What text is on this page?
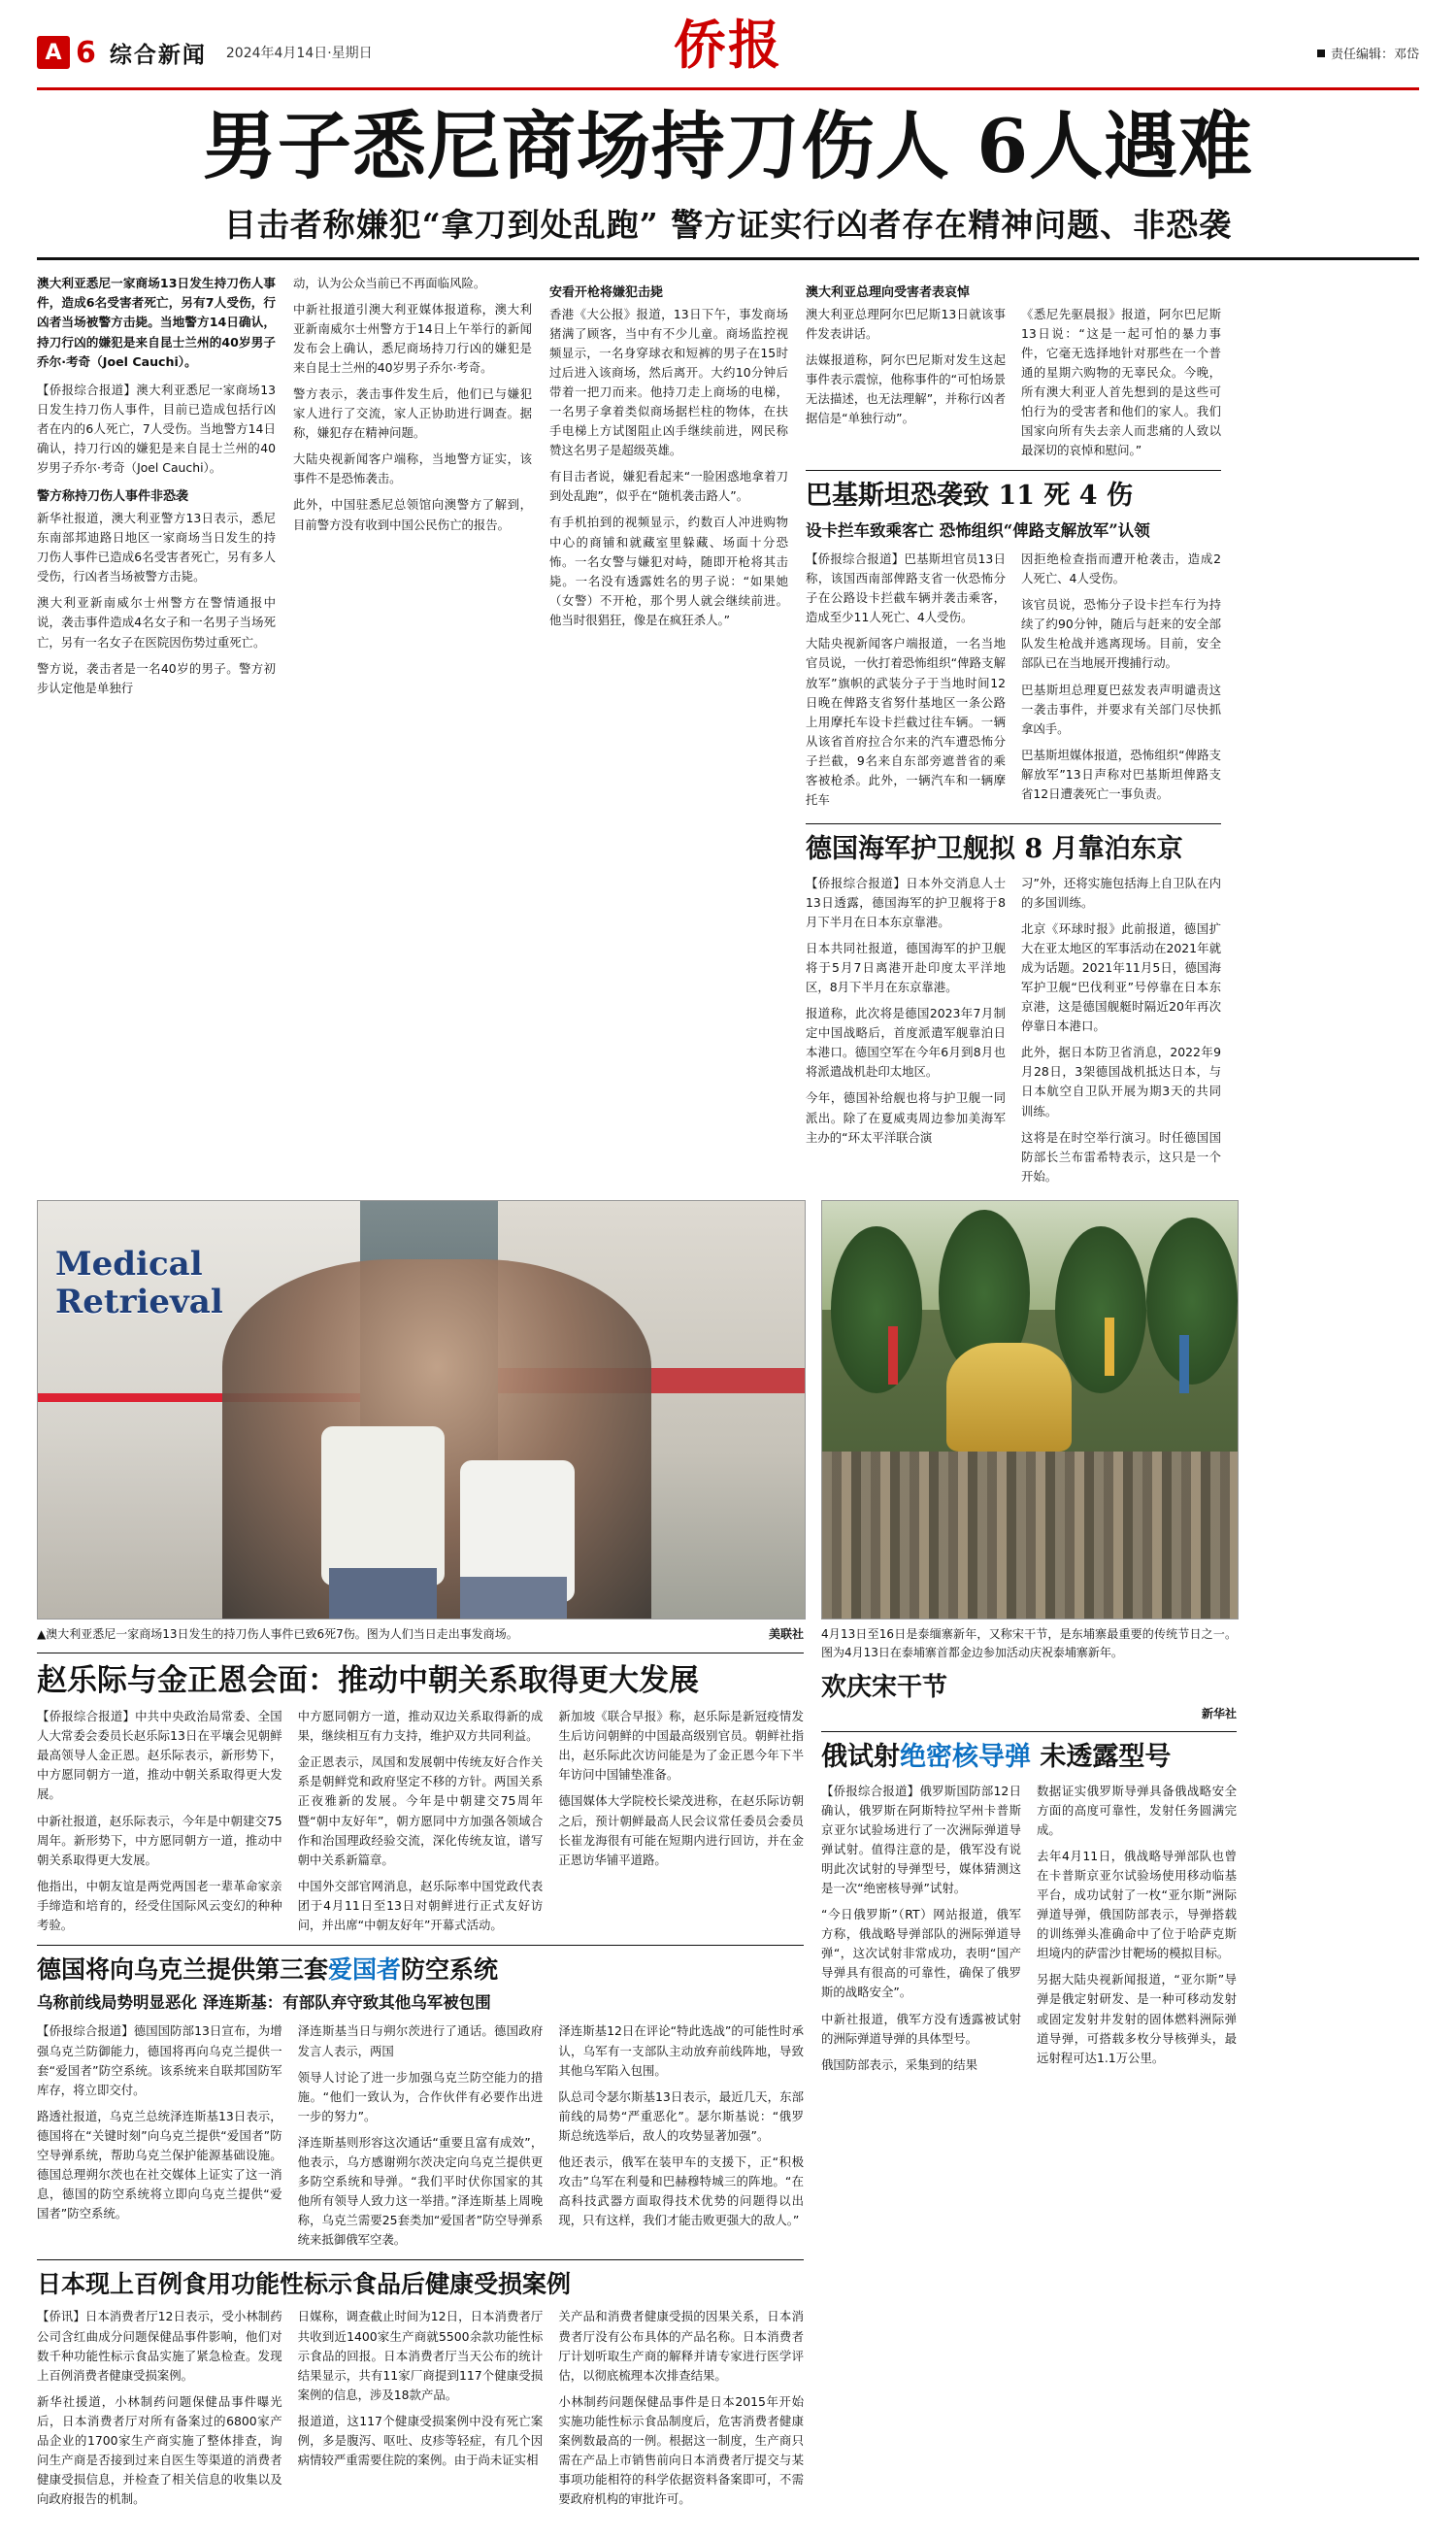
A 6 综合新闻 2024年4月14日·星期日	侨报	责任编辑：邓岱
男子悉尼商场持刀伤人 6人遇难
目击者称嫌犯“拿刀到处乱跑” 警方证实行凶者存在精神问题、非恐袭
澳大利亚悉尼一家商场13日发生持刀伤人事件，造成6名受害者死亡，另有7人受伤，行凶者当场被警方击毙。当地警方14日确认，持刀行凶的嫌犯是来自昆士兰州的40岁男子乔尔·考奇（Joel Cauchi）。

【侨报综合报道】澳大利亚悉尼一家商场13日发生持刀伤人事件，目前已造成包括行凶者在内的6人死亡，7人受伤。当地警方14日确认，持刀行凶的嫌犯是来自昆士兰州的40岁男子乔尔·考奇（Joel Cauchi）。

警方称持刀伤人事件非恐袭

新华社报道，澳大利亚警方13日表示，悉尼东南部邦迪路日地区一家商场当日发生的持刀伤人事件已造成6名受害者死亡，另有多人受伤，行凶者当场被警方击毙。

澳大利亚新南威尔士州警方在警情通报中说，袭击事件造成4名女子和一名男子当场死亡，另有一名女子在医院因伤势过重死亡。

警方说，袭击者是一名40岁的男子。警方初步认定他是单独行

动，认为公众当前已不再面临风险。

中新社报道引澳大利亚媒体报道称，澳大利亚新南威尔士州警方于14日上午举行的新闻发布会上确认，悉尼商场持刀行凶的嫌犯是来自昆士兰州的40岁男子乔尔·考奇。

警方表示，袭击事件发生后，他们已与嫌犯家人进行了交流，家人正协助进行调查。据称，嫌犯存在精神问题。

大陆央视新闻客户端称，当地警方证实，该事件不是恐怖袭击。

此外，中国驻悉尼总领馆向澳警方了解到，目前警方没有收到中国公民伤亡的报告。

安看开枪将嫌犯击毙

香港《大公报》报道，13日下午，事发商场猪满了顾客，当中有不少儿童。商场监控视频显示，一名身穿球衣和短裤的男子在15时过后进入该商场，然后离开。大约10分钟后带着一把刀而来。他持刀走上商场的电梯，一名男子拿着类似商场据栏柱的物体，在扶手电梯上方试图阻止凶手继续前进，网民称赞这名男子是超级英雄。

有目击者说，嫌犯看起来“一脸困惑地拿着刀到处乱跑”，似乎在“随机袭击路人”。

有手机拍到的视频显示，约数百人冲进购物中心的商铺和就藏室里躲藏、场面十分恐怖。一名女警与嫌犯对峙，随即开枪将其击毙。一名没有透露姓名的男子说：“如果她（女警）不开枪，那个男人就会继续前进。他当时很猖狂，像是在疯狂杀人。”

澳大利亚总理向受害者表哀悼

澳大利亚总理阿尔巴尼斯13日就该事件发表讲话。

法媒报道称，阿尔巴尼斯对发生这起事件表示震惊，他称事件的“可怕场景无法描述，也无法理解”，并称行凶者据信是“单独行动”。

《悉尼先驱晨报》报道，阿尔巴尼斯13日说：“这是一起可怕的暴力事件，它毫无选择地针对那些在一个普通的星期六购物的无辜民众。今晚，所有澳大利亚人首先想到的是这些可怕行为的受害者和他们的家人。我们国家向所有失去亲人而悲痛的人致以最深切的哀悼和慰问。”

巴基斯坦恐袭致 11 死 4 伤
设卡拦车致乘客亡 恐怖组织“俾路支解放军”认领

【侨报综合报道】巴基斯坦官员13日称，该国西南部俾路支省一伙恐怖分子在公路设卡拦截车辆并袭击乘客，造成至少11人死亡、4人受伤。

大陆央视新闻客户端报道，一名当地官员说，一伙打着恐怖组织“俾路支解放军”旗帜的武装分子于当地时间12日晚在俾路支省努什基地区一条公路上用摩托车设卡拦截过往车辆。一辆从该省首府拉合尔来的汽车遭恐怖分子拦截，9名来自东部旁遮普省的乘客被枪杀。此外，一辆汽车和一辆摩托车

因拒绝检查指而遭开枪袭击，造成2人死亡、4人受伤。

该官员说，恐怖分子设卡拦车行为持续了约90分钟，随后与赶来的安全部队发生枪战并逃离现场。目前，安全部队已在当地展开搜捕行动。

巴基斯坦总理夏巴兹发表声明谴责这一袭击事件，并要求有关部门尽快抓拿凶手。

巴基斯坦媒体报道，恐怖组织“俾路支解放军”13日声称对巴基斯坦俾路支省12日遭袭死亡一事负责。

德国海军护卫舰拟 8 月靠泊东京

【侨报综合报道】日本外交消息人士13日透露，德国海军的护卫舰将于8月下半月在日本东京靠港。

日本共同社报道，德国海军的护卫舰将于5月7日离港开赴印度太平洋地区，8月下半月在东京靠港。

报道称，此次将是德国2023年7月制定中国战略后，首度派遣军舰靠泊日本港口。德国空军在今年6月到8月也将派遣战机赴印太地区。

今年，德国补给舰也将与护卫舰一同派出。除了在夏威夷周边参加美海军主办的“环太平洋联合演

习”外，还将实施包括海上自卫队在内的多国训练。

北京《环球时报》此前报道，德国扩大在亚太地区的军事活动在2021年就成为话题。2021年11月5日，德国海军护卫舰“巴伐利亚”号停靠在日本东京港，这是德国舰艇时隔近20年再次停靠日本港口。

此外，据日本防卫省消息，2022年9月28日，3架德国战机抵达日本，与日本航空自卫队开展为期3天的共同训练。

这将是在时空举行演习。时任德国国防部长兰布雷希特表示，这只是一个开始。

Medical
Retrieval
▲澳大利亚悉尼一家商场13日发生的持刀伤人事件已致6死7伤。图为人们当日走出事发商场。	美联社
赵乐际与金正恩会面：推动中朝关系取得更大发展

【侨报综合报道】中共中央政治局常委、全国人大常委会委员长赵乐际13日在平壤会见朝鲜最高领导人金正恩。赵乐际表示，新形势下，中方愿同朝方一道，推动中朝关系取得更大发展。

中新社报道，赵乐际表示，今年是中朝建交75周年。新形势下，中方愿同朝方一道，推动中朝关系取得更大发展。

他指出，中朝友谊是两党两国老一辈革命家亲手缔造和培育的，经受住国际风云变幻的种种考验。

中方愿同朝方一道，推动双边关系取得新的成果，继续相互有力支持，维护双方共同利益。

金正恩表示，凤国和发展朝中传统友好合作关系是朝鲜党和政府坚定不移的方针。两国关系正夜雅新的发展。今年是中朝建交75周年暨“朝中友好年”，朝方愿同中方加强各领域合作和治国理政经验交流，深化传统友谊，谱写朝中关系新篇章。

中国外交部官网消息，赵乐际率中国党政代表团于4月11日至13日对朝鲜进行正式友好访问，并出席“中朝友好年”开幕式活动。

新加坡《联合早报》称，赵乐际是新冠疫情发生后访问朝鲜的中国最高级别官员。朝鲜社指出，赵乐际此次访问能是为了金正恩今年下半年访问中国铺垫准备。

德国媒体大学院校长梁茂进称，在赵乐际访朝之后，预计朝鲜最高人民会议常任委员会委员长崔龙海很有可能在短期内进行回访，并在金正恩访华铺平道路。

德国将向乌克兰提供第三套爱国者防空系统
乌称前线局势明显恶化 泽连斯基：有部队弃守致其他乌军被包围

【侨报综合报道】德国国防部13日宣布，为增强乌克兰防御能力，德国将再向乌克兰提供一套“爱国者”防空系统。该系统来自联邦国防军库存，将立即交付。

路透社报道，乌克兰总统泽连斯基13日表示，德国将在“关键时刻”向乌克兰提供“爱国者”防空导弹系统，帮助乌克兰保护能源基础设施。德国总理朔尔茨也在社交媒体上证实了这一消息，德国的防空系统将立即向乌克兰提供“爱国者”防空系统。

泽连斯基当日与朔尔茨进行了通话。德国政府发言人表示，两国

领导人讨论了进一步加强乌克兰防空能力的措施。“他们一致认为，合作伙伴有必要作出进一步的努力”。

泽连斯基则形容这次通话“重要且富有成效”，他表示，乌方感谢朔尔茨决定向乌克兰提供更多防空系统和导弹。“我们平时伏你国家的其他所有领导人致力这一举措。”泽连斯基上周晚称，乌克兰需要25套类加“爱国者”防空导弹系统来抵御俄军空袭。

泽连斯基12日在评论“特此选战”的可能性时承认，乌军有一支部队主动放弃前线阵地，导致其他乌军陷入包围。

队总司令瑟尔斯基13日表示，最近几天，东部前线的局势“严重恶化”。瑟尔斯基说：“俄罗斯总统选举后，敌人的攻势显著加强”。

他还表示，俄军在装甲车的支援下，正“积极攻击”乌军在利曼和巴赫穆特城三的阵地。“在高科技武器方面取得技术优势的问题得以出现，只有这样，我们才能击败更强大的敌人。”

日本现上百例食用功能性标示食品后健康受损案例

【侨讯】日本消费者厅12日表示，受小林制药公司含红曲成分问题保健品事件影响，他们对数千种功能性标示食品实施了紧急检查。发现上百例消费者健康受损案例。

新华社援道，小林制药问题保健品事件曝光后，日本消费者厅对所有备案过的6800家产品企业的1700家生产商实施了整体排查，询问生产商是否接到过来自医生等渠道的消费者健康受损信息，并检查了相关信息的收集以及向政府报告的机制。

日媒称，调查截止时间为12日，日本消费者厅共收到近1400家生产商就5500余款功能性标示食品的回报。日本消费者厅当天公布的统计结果显示，共有11家厂商提到117个健康受损案例的信息，涉及18款产品。

报道道，这117个健康受损案例中没有死亡案例，多是腹泻、呕吐、皮疹等轻症，有几个因病情较严重需要住院的案例。由于尚未证实相

关产品和消费者健康受损的因果关系，日本消费者厅没有公布具体的产品名称。日本消费者厅计划听取生产商的解释并请专家进行医学评估，以彻底梳理本次排查结果。

小林制药问题保健品事件是日本2015年开始实施功能性标示食品制度后，危害消费者健康案例数最高的一例。根据这一制度，生产商只需在产品上市销售前向日本消费者厅提交与某事项功能相符的科学依据资料备案即可，不需要政府机构的审批许可。

4月13日至16日是泰缅寨新年，又称宋干节，是东埔寨最重要的传统节日之一。图为4月13日在泰埔寨首都金边参加活动庆祝泰埔寨新年。
欢庆宋干节
新华社
俄试射绝密核导弹 未透露型号

【侨报综合报道】俄罗斯国防部12日确认，俄罗斯在阿斯特拉罕州卡普斯京亚尔试验场进行了一次洲际弹道导弹试射。值得注意的是，俄军没有说明此次试射的导弹型号，媒体猜测这是一次“绝密核导弹”试射。

“今日俄罗斯”（RT）网站报道，俄军方称，俄战略导弹部队的洲际弹道导弹“，这次试射非常成功，表明“国产导弹具有很高的可靠性，确保了俄罗斯的战略安全”。

中新社报道，俄军方没有透露被试射的洲际弹道导弹的具体型号。

俄国防部表示，采集到的结果

数据证实俄罗斯导弹具备俄战略安全方面的高度可靠性，发射任务圆满完成。

去年4月11日，俄战略导弹部队也曾在卡普斯京亚尔试验场使用移动临基平台，成功试射了一枚“亚尔斯”洲际弹道导弹，俄国防部表示，导弹搭载的训练弹头准确命中了位于哈萨克斯坦境内的萨雷沙甘靶场的模拟目标。

另据大陆央视新闻报道，“亚尔斯”导弹是俄定射研发、是一种可移动发射或固定发射井发射的固体燃料洲际弹道导弹，可搭载多枚分导核弹头，最远射程可达1.1万公里。
